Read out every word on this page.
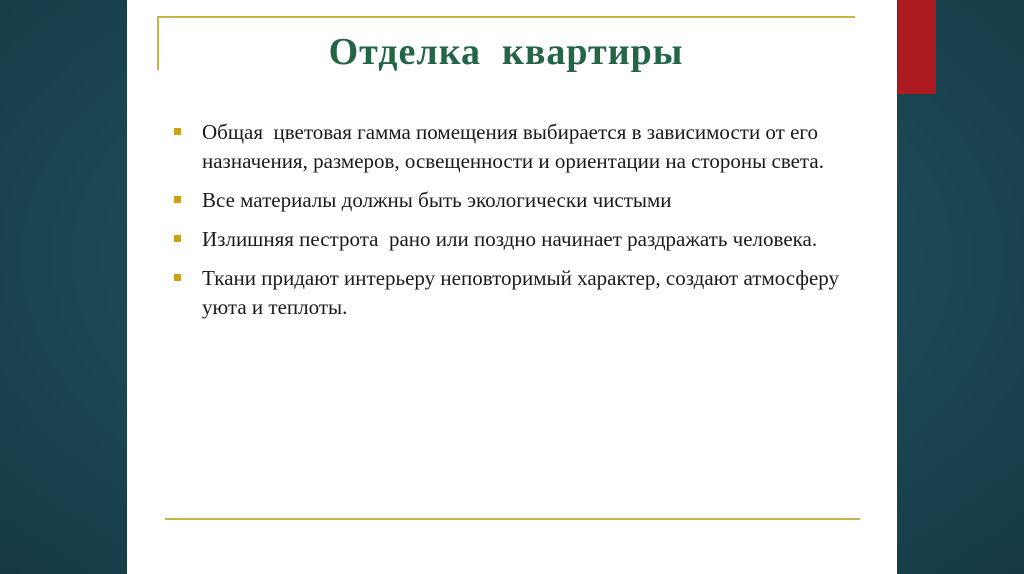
Отделка  квартиры
Общая  цветовая гамма помещения выбирается в зависимости от его назначения, размеров, освещенности и ориентации на стороны света.
Все материалы должны быть экологически чистыми
Излишняя пестрота  рано или поздно начинает раздражать человека.
Ткани придают интерьеру неповторимый характер, создают атмосферу уюта и теплоты.
